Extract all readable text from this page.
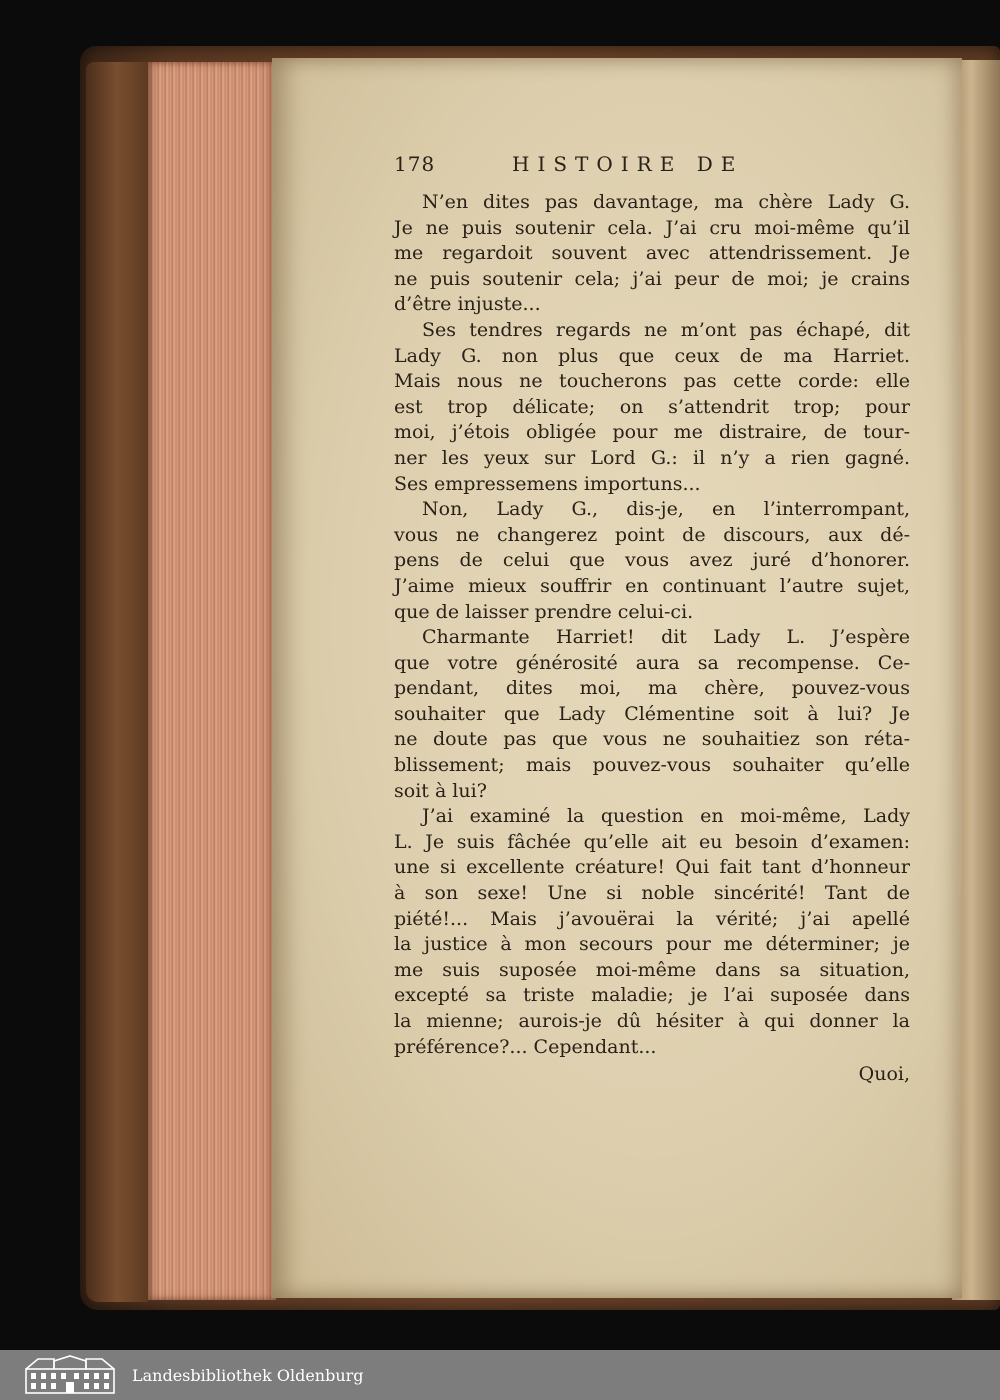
178	HISTOIRE DE
N’en dites pas davantage, ma chère Lady G.
Je ne puis soutenir cela. J’ai cru moi-même qu’il
me regardoit souvent avec attendrissement. Je
ne puis soutenir cela; j’ai peur de moi; je crains
d’être injuste...
Ses tendres regards ne m’ont pas échapé, dit
Lady G. non plus que ceux de ma Harriet.
Mais nous ne toucherons pas cette corde: elle
est trop délicate; on s’attendrit trop; pour
moi, j’étois obligée pour me distraire, de tour-
ner les yeux sur Lord G.: il n’y a rien gagné.
Ses empressemens importuns...
Non, Lady G., dis-je, en l’interrompant,
vous ne changerez point de discours, aux dé-
pens de celui que vous avez juré d’honorer.
J’aime mieux souffrir en continuant l’autre sujet,
que de laisser prendre celui-ci.
Charmante Harriet! dit Lady L. J’espère
que votre générosité aura sa recompense. Ce-
pendant, dites moi, ma chère, pouvez-vous
souhaiter que Lady Clémentine soit à lui? Je
ne doute pas que vous ne souhaitiez son réta-
blissement; mais pouvez-vous souhaiter qu’elle
soit à lui?
J’ai examiné la question en moi-même, Lady
L. Je suis fâchée qu’elle ait eu besoin d’examen:
une si excellente créature! Qui fait tant d’honneur
à son sexe! Une si noble sincérité! Tant de
piété!... Mais j’avouërai la vérité; j’ai apellé
la justice à mon secours pour me déterminer; je
me suis suposée moi-même dans sa situation,
excepté sa triste maladie; je l’ai suposée dans
la mienne; aurois-je dû hésiter à qui donner la
préférence?... Cependant...
Quoi,
Landesbibliothek Oldenburg
